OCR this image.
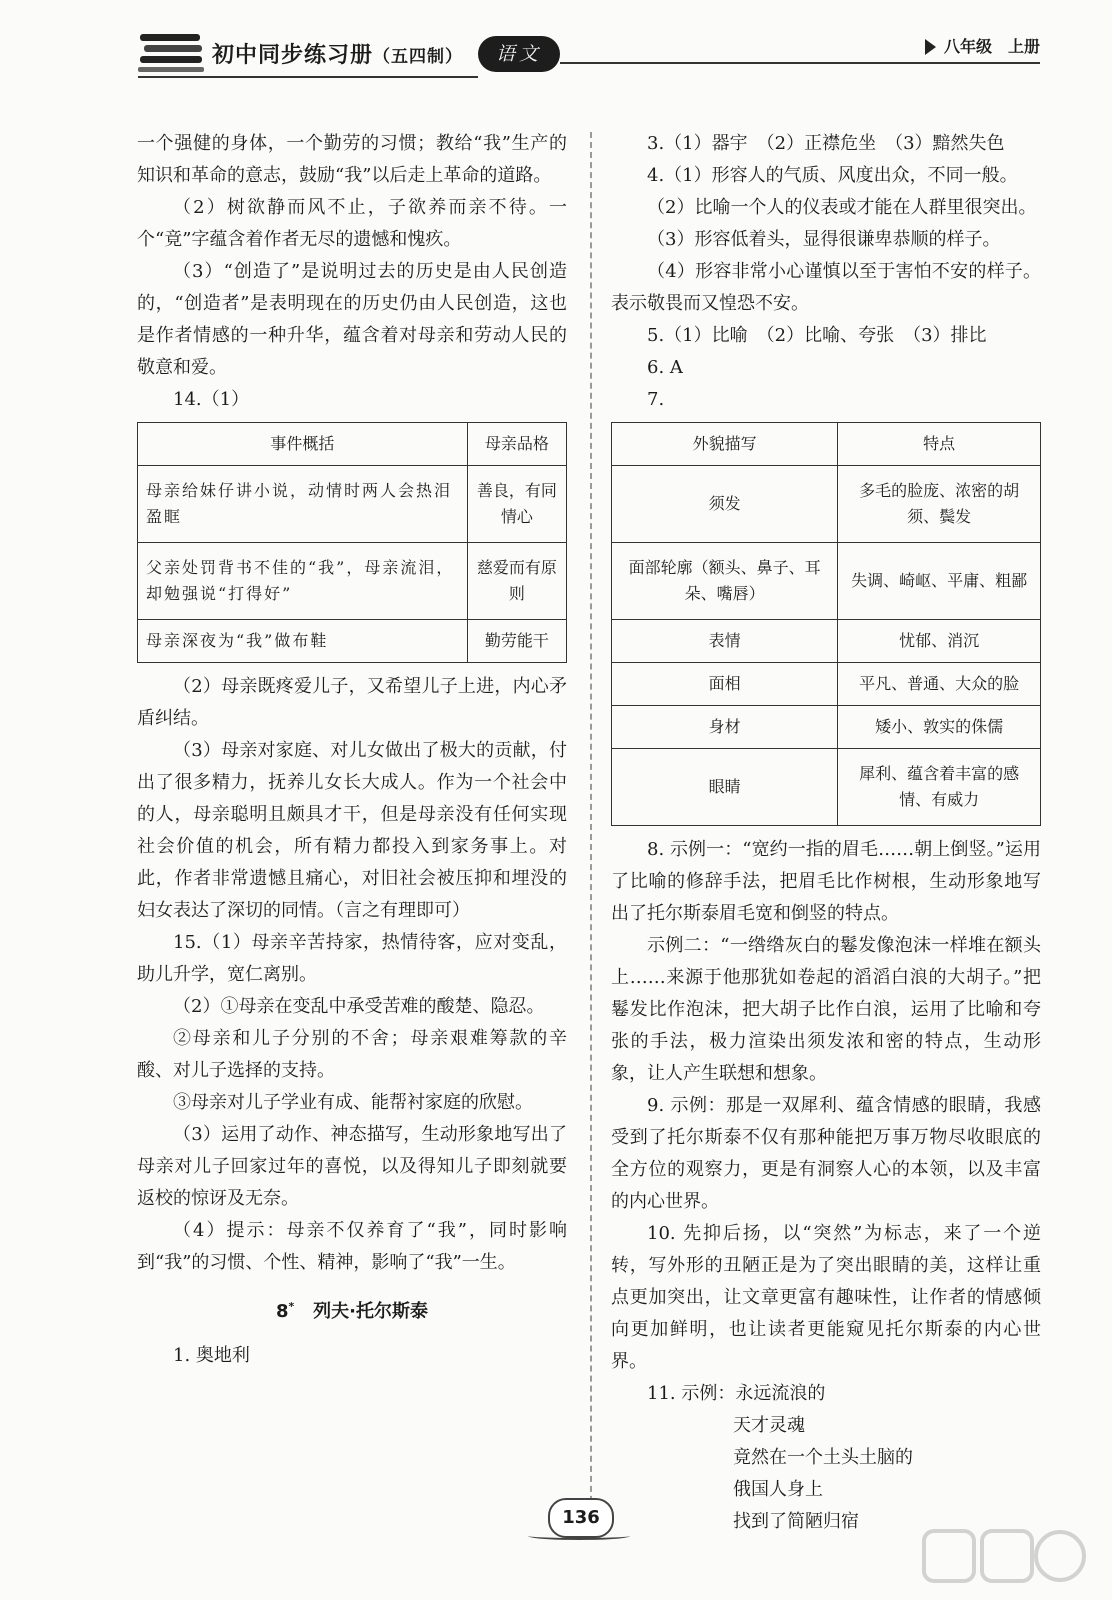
初中同步练习册（五四制）	语文	八年级　上册

一个强健的身体，一个勤劳的习惯；教给“我”生产的知识和革命的意志，鼓励“我”以后走上革命的道路。

（2）树欲静而风不止，子欲养而亲不待。一个“竟”字蕴含着作者无尽的遗憾和愧疚。

（3）“创造了”是说明过去的历史是由人民创造的，“创造者”是表明现在的历史仍由人民创造，这也是作者情感的一种升华，蕴含着对母亲和劳动人民的敬意和爱。

14.（1）

事件概括	母亲品格
母亲给妹仔讲小说，动情时两人会热泪盈眶	善良，有同情心
父亲处罚背书不佳的“我”，母亲流泪，却勉强说“打得好”	慈爱而有原则
母亲深夜为“我”做布鞋	勤劳能干

（2）母亲既疼爱儿子，又希望儿子上进，内心矛盾纠结。

（3）母亲对家庭、对儿女做出了极大的贡献，付出了很多精力，抚养儿女长大成人。作为一个社会中的人，母亲聪明且颇具才干，但是母亲没有任何实现社会价值的机会，所有精力都投入到家务事上。对此，作者非常遗憾且痛心，对旧社会被压抑和埋没的妇女表达了深切的同情。（言之有理即可）

15.（1）母亲辛苦持家，热情待客，应对变乱，助儿升学，宽仁离别。

（2）①母亲在变乱中承受苦难的酸楚、隐忍。

②母亲和儿子分别的不舍；母亲艰难筹款的辛酸、对儿子选择的支持。

③母亲对儿子学业有成、能帮衬家庭的欣慰。

（3）运用了动作、神态描写，生动形象地写出了母亲对儿子回家过年的喜悦，以及得知儿子即刻就要返校的惊讶及无奈。

（4）提示：母亲不仅养育了“我”，同时影响到“我”的习惯、个性、精神，影响了“我”一生。

8* 列夫·托尔斯泰

1. 奥地利

3.（1）器宇　（2）正襟危坐　（3）黯然失色

4.（1）形容人的气质、风度出众，不同一般。

（2）比喻一个人的仪表或才能在人群里很突出。

（3）形容低着头，显得很谦卑恭顺的样子。

（4）形容非常小心谨慎以至于害怕不安的样子。表示敬畏而又惶恐不安。

5.（1）比喻　（2）比喻、夸张　（3）排比

6. A

7.

外貌描写	特点
须发	多毛的脸庞、浓密的胡须、鬓发
面部轮廓（额头、鼻子、耳朵、嘴唇）	失调、崎岖、平庸、粗鄙
表情	忧郁、消沉
面相	平凡、普通、大众的脸
身材	矮小、敦实的侏儒
眼睛	犀利、蕴含着丰富的感情、有威力

8. 示例一：“宽约一指的眉毛……朝上倒竖。”运用了比喻的修辞手法，把眉毛比作树根，生动形象地写出了托尔斯泰眉毛宽和倒竖的特点。

示例二：“一绺绺灰白的鬈发像泡沫一样堆在额头上……来源于他那犹如卷起的滔滔白浪的大胡子。”把鬈发比作泡沫，把大胡子比作白浪，运用了比喻和夸张的手法，极力渲染出须发浓和密的特点，生动形象，让人产生联想和想象。

9. 示例：那是一双犀利、蕴含情感的眼睛，我感受到了托尔斯泰不仅有那种能把万事万物尽收眼底的全方位的观察力，更是有洞察人心的本领，以及丰富的内心世界。

10. 先抑后扬，以“突然”为标志，来了一个逆转，写外形的丑陋正是为了突出眼睛的美，这样让重点更加突出，让文章更富有趣味性，让作者的情感倾向更加鲜明，也让读者更能窥见托尔斯泰的内心世界。

11. 示例：永远流浪的

天才灵魂

竟然在一个土头土脑的

俄国人身上

找到了简陋归宿

136
